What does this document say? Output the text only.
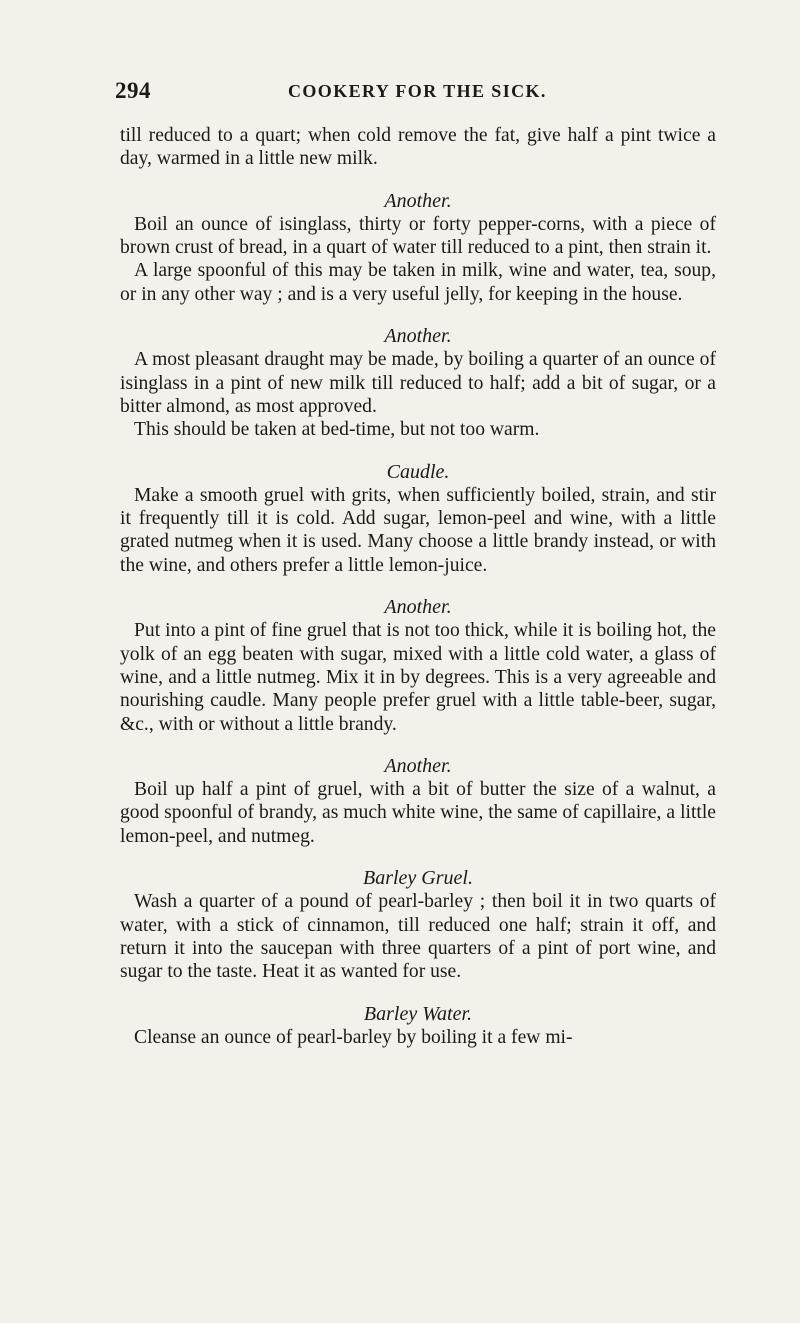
294	COOKERY FOR THE SICK.

till reduced to a quart; when cold remove the fat, give half a pint twice a day, warmed in a little new milk.

Another.

Boil an ounce of isinglass, thirty or forty pepper-corns, with a piece of brown crust of bread, in a quart of water till reduced to a pint, then strain it.

A large spoonful of this may be taken in milk, wine and water, tea, soup, or in any other way ; and is a very useful jelly, for keeping in the house.

Another.

A most pleasant draught may be made, by boiling a quarter of an ounce of isinglass in a pint of new milk till reduced to half; add a bit of sugar, or a bitter almond, as most approved.

This should be taken at bed-time, but not too warm.

Caudle.

Make a smooth gruel with grits, when sufficiently boiled, strain, and stir it frequently till it is cold. Add sugar, lemon-peel and wine, with a little grated nutmeg when it is used. Many choose a little brandy instead, or with the wine, and others prefer a little lemon-juice.

Another.

Put into a pint of fine gruel that is not too thick, while it is boiling hot, the yolk of an egg beaten with sugar, mixed with a little cold water, a glass of wine, and a little nutmeg. Mix it in by degrees. This is a very agreeable and nourishing caudle. Many people prefer gruel with a little table-beer, sugar, &c., with or without a little brandy.

Another.

Boil up half a pint of gruel, with a bit of butter the size of a walnut, a good spoonful of brandy, as much white wine, the same of capillaire, a little lemon-peel, and nutmeg.

Barley Gruel.

Wash a quarter of a pound of pearl-barley ; then boil it in two quarts of water, with a stick of cinnamon, till reduced one half; strain it off, and return it into the saucepan with three quarters of a pint of port wine, and sugar to the taste. Heat it as wanted for use.

Barley Water.

Cleanse an ounce of pearl-barley by boiling it a few mi-
